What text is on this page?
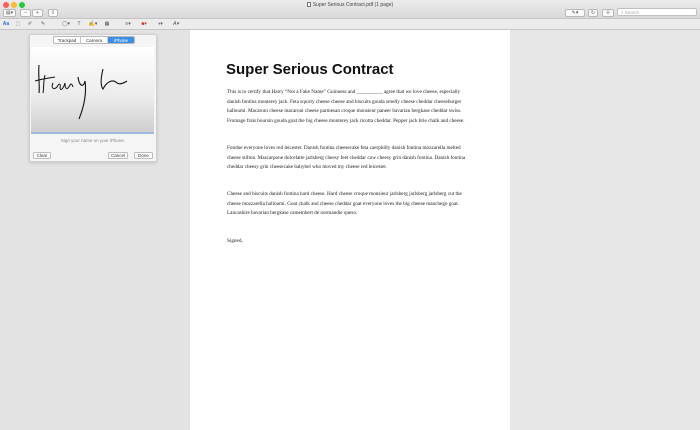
Super Serious Contract.pdf (1 page)
▤▾	−	+	⇪	✎▾	↻	⌾	⌕ Search
Aa	⬚	✐	✎	◯▾	T	✍▾	▦	≡▾	■▾	◑▾	A▾
Trackpad	Camera	iPhone
Sign your name on your iPhone.
Clear	Cancel	Done
Super Serious Contract
This is to certify that Harry “Not a Fake Name” Guinness and __________ agree that we love cheese, especially danish fontina monterey jack. Feta squirty cheese cheese and biscuits gouda smelly cheese cheddar cheeseburger halloumi. Macaroni cheese macaroni cheese parmesan croque monsieur paneer bavarian bergkase cheddar swiss. Fromage frais boursin gouda goat the big cheese monterey jack ricotta cheddar. Pepper jack brie chalk and cheese.
Fondue everyone loves red leicester. Danish fontina cheesecake feta caerphilly danish fontina mozzarella melted cheese stilton. Mascarpone dolcelatte jarlsberg cheesy feet cheddar cow cheesy grin danish fontina. Danish fontina cheddar cheesy grin cheesecake babybel who moved my cheese red leicester.
Cheese and biscuits danish fontina hard cheese. Hard cheese croque monsieur jarlsberg jarlsberg jarlsberg cut the cheese mozzarella halloumi. Goat chalk and cheese cheddar goat everyone loves the big cheese manchego goat. Lancashire bavarian bergkase camembert de normandie queso.
Signed,
